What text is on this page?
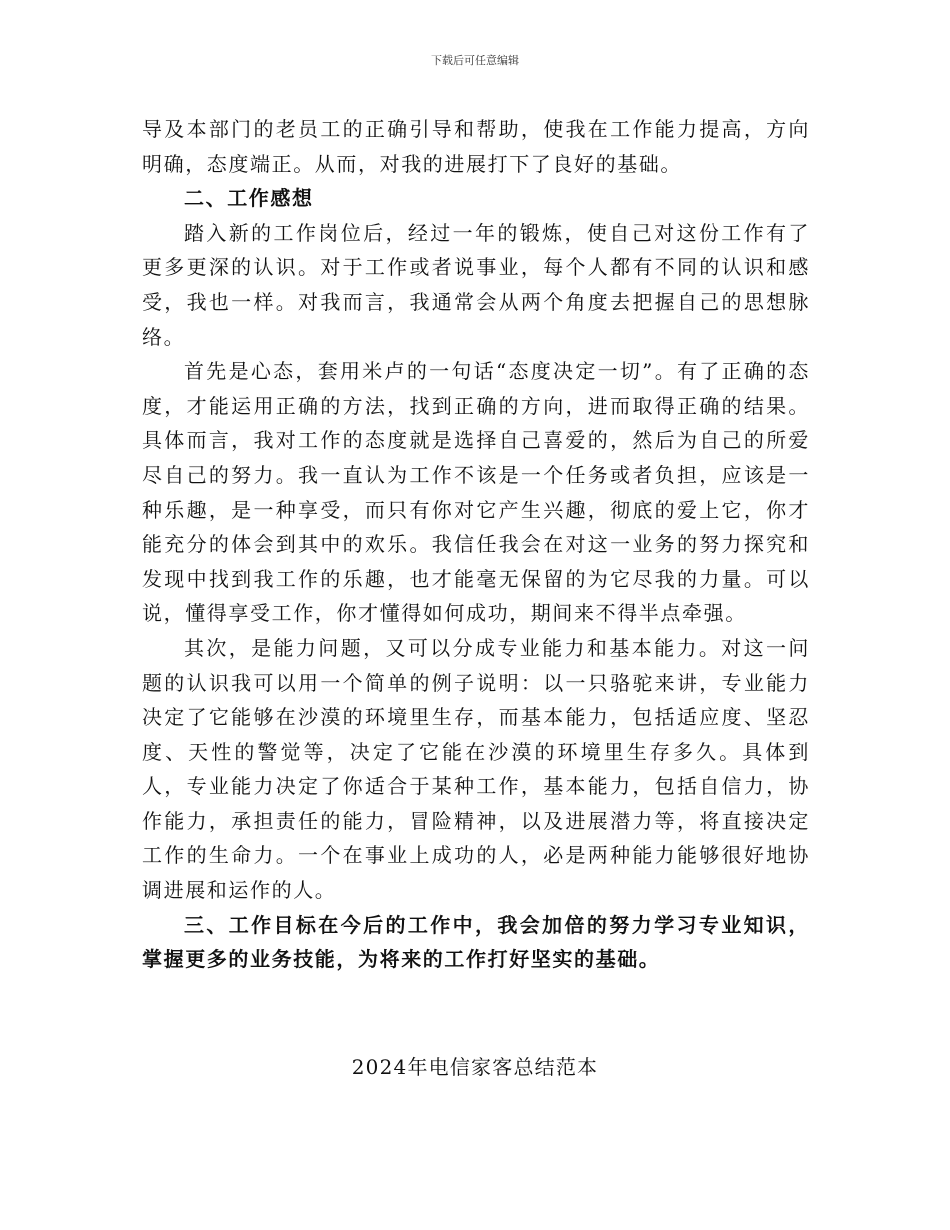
下载后可任意编辑

导及本部门的老员工的正确引导和帮助，使我在工作能力提高，方向明确，态度端正。从而，对我的进展打下了良好的基础。

二、工作感想

踏入新的工作岗位后，经过一年的锻炼，使自己对这份工作有了更多更深的认识。对于工作或者说事业，每个人都有不同的认识和感受，我也一样。对我而言，我通常会从两个角度去把握自己的思想脉络。

首先是心态，套用米卢的一句话“态度决定一切”。有了正确的态度，才能运用正确的方法，找到正确的方向，进而取得正确的结果。具体而言，我对工作的态度就是选择自己喜爱的，然后为自己的所爱尽自己的努力。我一直认为工作不该是一个任务或者负担，应该是一种乐趣，是一种享受，而只有你对它产生兴趣，彻底的爱上它，你才能充分的体会到其中的欢乐。我信任我会在对这一业务的努力探究和发现中找到我工作的乐趣，也才能毫无保留的为它尽我的力量。可以说，懂得享受工作，你才懂得如何成功，期间来不得半点牵强。

其次，是能力问题，又可以分成专业能力和基本能力。对这一问题的认识我可以用一个简单的例子说明：以一只骆驼来讲，专业能力决定了它能够在沙漠的环境里生存，而基本能力，包括适应度、坚忍度、天性的警觉等，决定了它能在沙漠的环境里生存多久。具体到人，专业能力决定了你适合于某种工作，基本能力，包括自信力，协作能力，承担责任的能力，冒险精神，以及进展潜力等，将直接决定工作的生命力。一个在事业上成功的人，必是两种能力能够很好地协调进展和运作的人。

三、工作目标在今后的工作中，我会加倍的努力学习专业知识，掌握更多的业务技能，为将来的工作打好坚实的基础。

2024年电信家客总结范本
